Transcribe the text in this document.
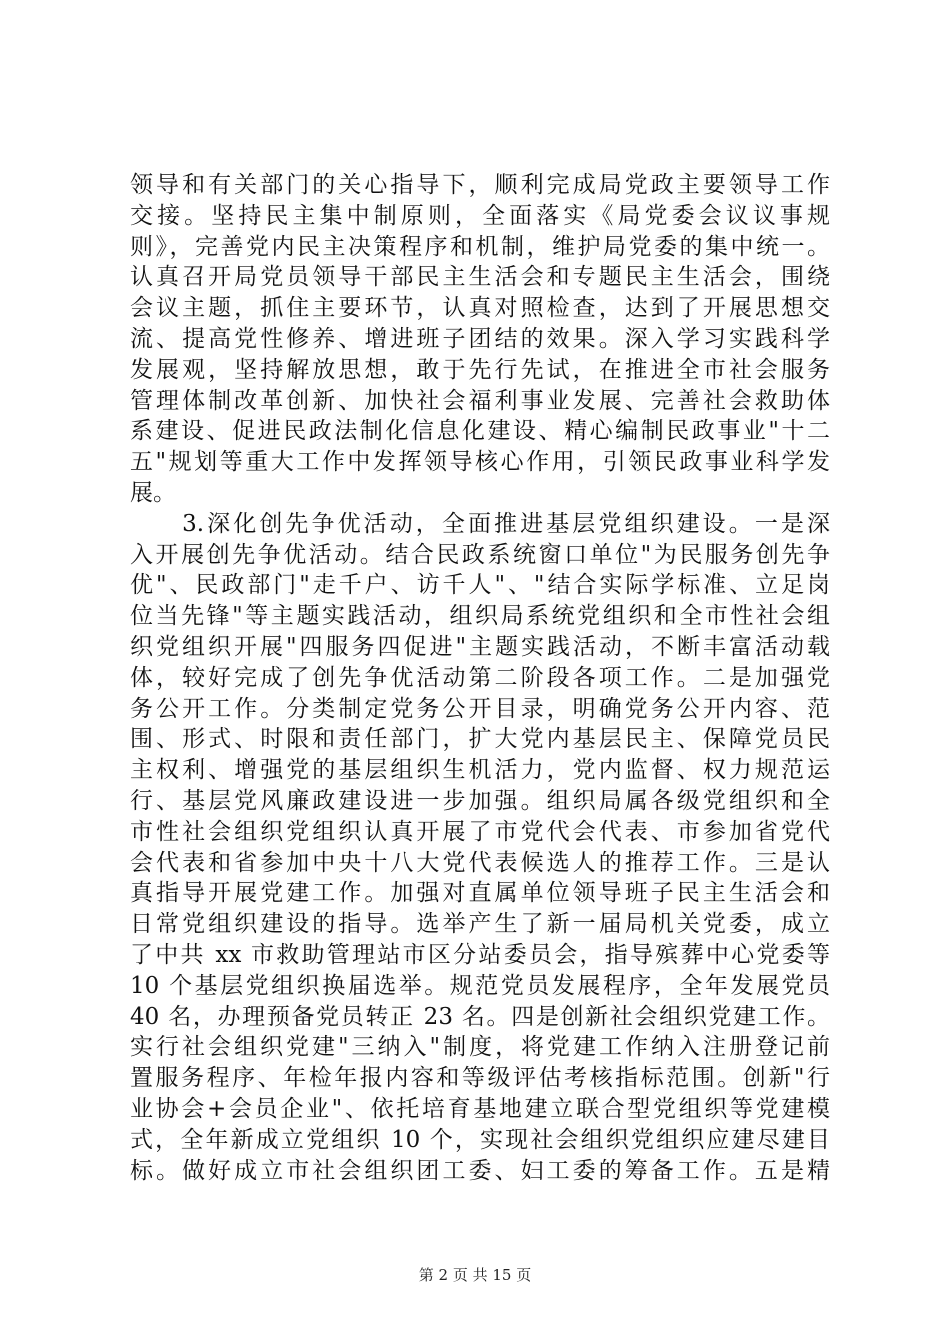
领导和有关部门的关心指导下，顺利完成局党政主要领导工作
交接。坚持民主集中制原则，全面落实《局党委会议议事规
则》，完善党内民主决策程序和机制，维护局党委的集中统一。
认真召开局党员领导干部民主生活会和专题民主生活会，围绕
会议主题，抓住主要环节，认真对照检查，达到了开展思想交
流、提高党性修养、增进班子团结的效果。深入学习实践科学
发展观，坚持解放思想，敢于先行先试，在推进全市社会服务
管理体制改革创新、加快社会福利事业发展、完善社会救助体
系建设、促进民政法制化信息化建设、精心编制民政事业"十二
五"规划等重大工作中发挥领导核心作用，引领民政事业科学发
展。
　　3.深化创先争优活动，全面推进基层党组织建设。一是深
入开展创先争优活动。结合民政系统窗口单位"为民服务创先争
优"、民政部门"走千户、访千人"、"结合实际学标准、立足岗
位当先锋"等主题实践活动，组织局系统党组织和全市性社会组
织党组织开展"四服务四促进"主题实践活动，不断丰富活动载
体，较好完成了创先争优活动第二阶段各项工作。二是加强党
务公开工作。分类制定党务公开目录，明确党务公开内容、范
围、形式、时限和责任部门，扩大党内基层民主、保障党员民
主权利、增强党的基层组织生机活力，党内监督、权力规范运
行、基层党风廉政建设进一步加强。组织局属各级党组织和全
市性社会组织党组织认真开展了市党代会代表、市参加省党代
会代表和省参加中央十八大党代表候选人的推荐工作。三是认
真指导开展党建工作。加强对直属单位领导班子民主生活会和
日常党组织建设的指导。选举产生了新一届局机关党委，成立
了中共 xx 市救助管理站市区分站委员会，指导殡葬中心党委等
10 个基层党组织换届选举。规范党员发展程序，全年发展党员
40 名，办理预备党员转正 23 名。四是创新社会组织党建工作。
实行社会组织党建"三纳入"制度，将党建工作纳入注册登记前
置服务程序、年检年报内容和等级评估考核指标范围。创新"行
业协会+会员企业"、依托培育基地建立联合型党组织等党建模
式，全年新成立党组织 10 个，实现社会组织党组织应建尽建目
标。做好成立市社会组织团工委、妇工委的筹备工作。五是精
第 2 页 共 15 页
